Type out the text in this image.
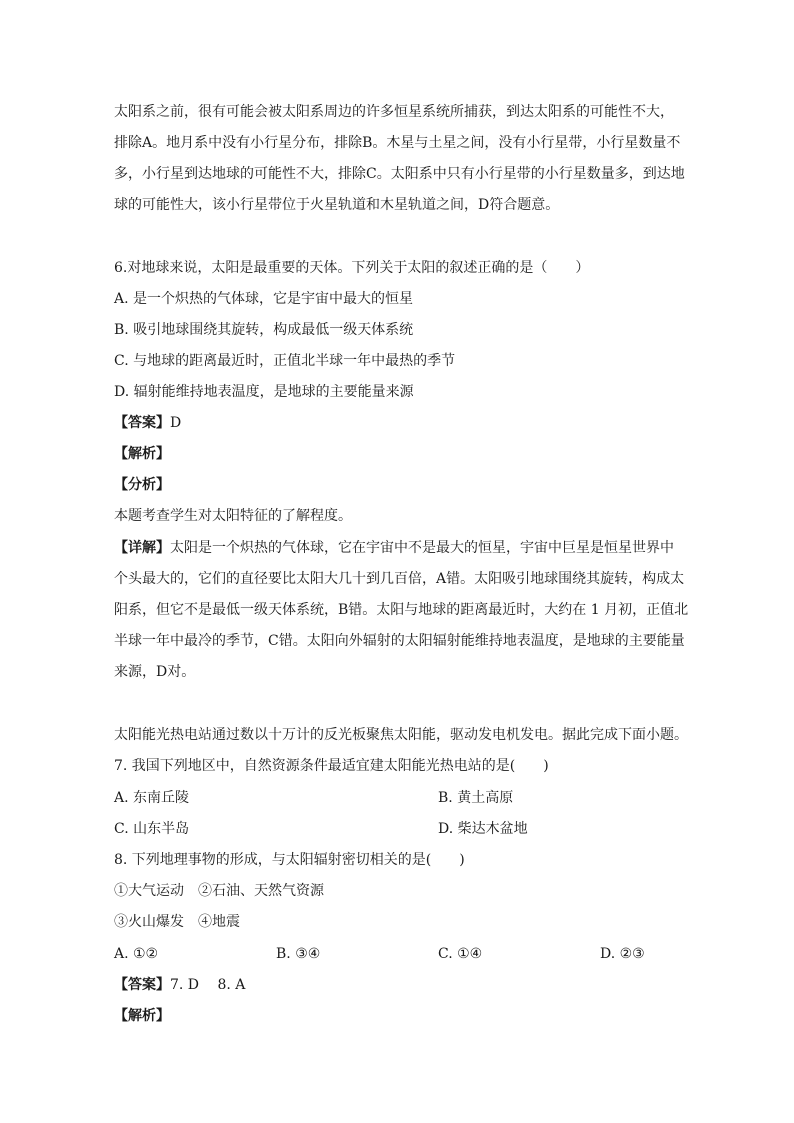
太阳系之前，很有可能会被太阳系周边的许多恒星系统所捕获，到达太阳系的可能性不大，
排除A。地月系中没有小行星分布，排除B。木星与土星之间，没有小行星带，小行星数量不
多，小行星到达地球的可能性不大，排除C。太阳系中只有小行星带的小行星数量多，到达地
球的可能性大，该小行星带位于火星轨道和木星轨道之间，D符合题意。
6.对地球来说，太阳是最重要的天体。下列关于太阳的叙述正确的是（　　）
A. 是一个炽热的气体球，它是宇宙中最大的恒星
B. 吸引地球围绕其旋转，构成最低一级天体系统
C. 与地球的距离最近时，正值北半球一年中最热的季节
D. 辐射能维持地表温度，是地球的主要能量来源
【答案】D
【解析】
【分析】
本题考查学生对太阳特征的了解程度。
【详解】太阳是一个炽热的气体球，它在宇宙中不是最大的恒星，宇宙中巨星是恒星世界中
个头最大的，它们的直径要比太阳大几十到几百倍，A错。太阳吸引地球围绕其旋转，构成太
阳系，但它不是最低一级天体系统，B错。太阳与地球的距离最近时，大约在 1 月初，正值北
半球一年中最冷的季节，C错。太阳向外辐射的太阳辐射能维持地表温度，是地球的主要能量
来源，D对。
太阳能光热电站通过数以十万计的反光板聚焦太阳能，驱动发电机发电。据此完成下面小题。
7. 我国下列地区中，自然资源条件最适宜建太阳能光热电站的是(　　)
A. 东南丘陵	B. 黄土高原
C. 山东半岛	D. 柴达木盆地
8. 下列地理事物的形成，与太阳辐射密切相关的是(　　)
①大气运动　②石油、天然气资源
③火山爆发　④地震
A. ①②	B. ③④	C. ①④	D. ②③
【答案】7. D　 8. A
【解析】
